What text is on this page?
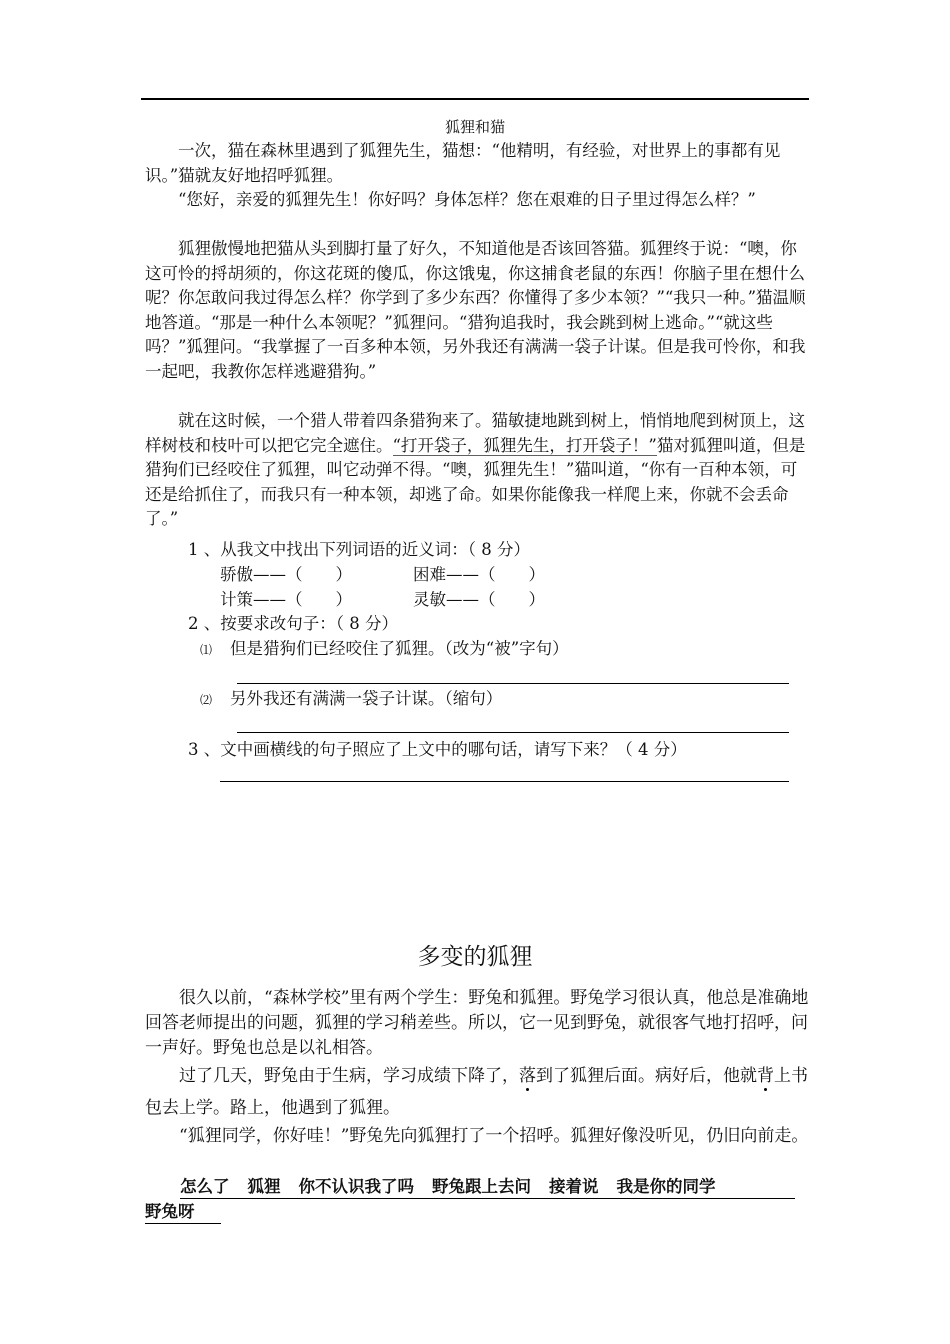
狐狸和猫
一次，猫在森林里遇到了狐狸先生，猫想：“他精明，有经验，对世界上的事都有见识。”猫就友好地招呼狐狸。
“您好，亲爱的狐狸先生！你好吗？身体怎样？您在艰难的日子里过得怎么样？”
狐狸傲慢地把猫从头到脚打量了好久，不知道他是否该回答猫。狐狸终于说：“噢，你这可怜的捋胡须的，你这花斑的傻瓜，你这饿鬼，你这捕食老鼠的东西！你脑子里在想什么呢？你怎敢问我过得怎么样？你学到了多少东西？你懂得了多少本领？”“我只一种。”猫温顺地答道。“那是一种什么本领呢？”狐狸问。“猎狗追我时，我会跳到树上逃命。”“就这些吗？”狐狸问。“我掌握了一百多种本领，另外我还有满满一袋子计谋。但是我可怜你，和我一起吧，我教你怎样逃避猎狗。”
就在这时候，一个猎人带着四条猎狗来了。猫敏捷地跳到树上，悄悄地爬到树顶上，这样树枝和枝叶可以把它完全遮住。“打开袋子，狐狸先生，打开袋子！”猫对狐狸叫道，但是猎狗们已经咬住了狐狸，叫它动弹不得。“噢，狐狸先生！”猫叫道，“你有一百种本领，可还是给抓住了，而我只有一种本领，却逃了命。如果你能像我一样爬上来，你就不会丢命了。”
1 、从我文中找出下列词语的近义词：（ 8 分）
骄傲——（　　）	困难——（　　）
计策——（　　）	灵敏——（　　）
2 、按要求改句子：（ 8 分）
⑴ 但是猎狗们已经咬住了狐狸。（改为“被”字句）
⑵ 另外我还有满满一袋子计谋。（缩句）
3 、文中画横线的句子照应了上文中的哪句话，请写下来？（ 4 分）
多变的狐狸
很久以前，“森林学校”里有两个学生：野兔和狐狸。野兔学习很认真，他总是准确地回答老师提出的问题，狐狸的学习稍差些。所以，它一见到野兔，就很客气地打招呼，问一声好。野兔也总是以礼相答。
过了几天，野兔由于生病，学习成绩下降了，落到了狐狸后面。病好后，他就背上书包去上学。路上，他遇到了狐狸。
“狐狸同学，你好哇！”野兔先向狐狸打了一个招呼。狐狸好像没听见，仍旧向前走。
怎么了 狐狸 你不认识我了吗 野兔跟上去问 接着说 我是你的同学
野兔呀
